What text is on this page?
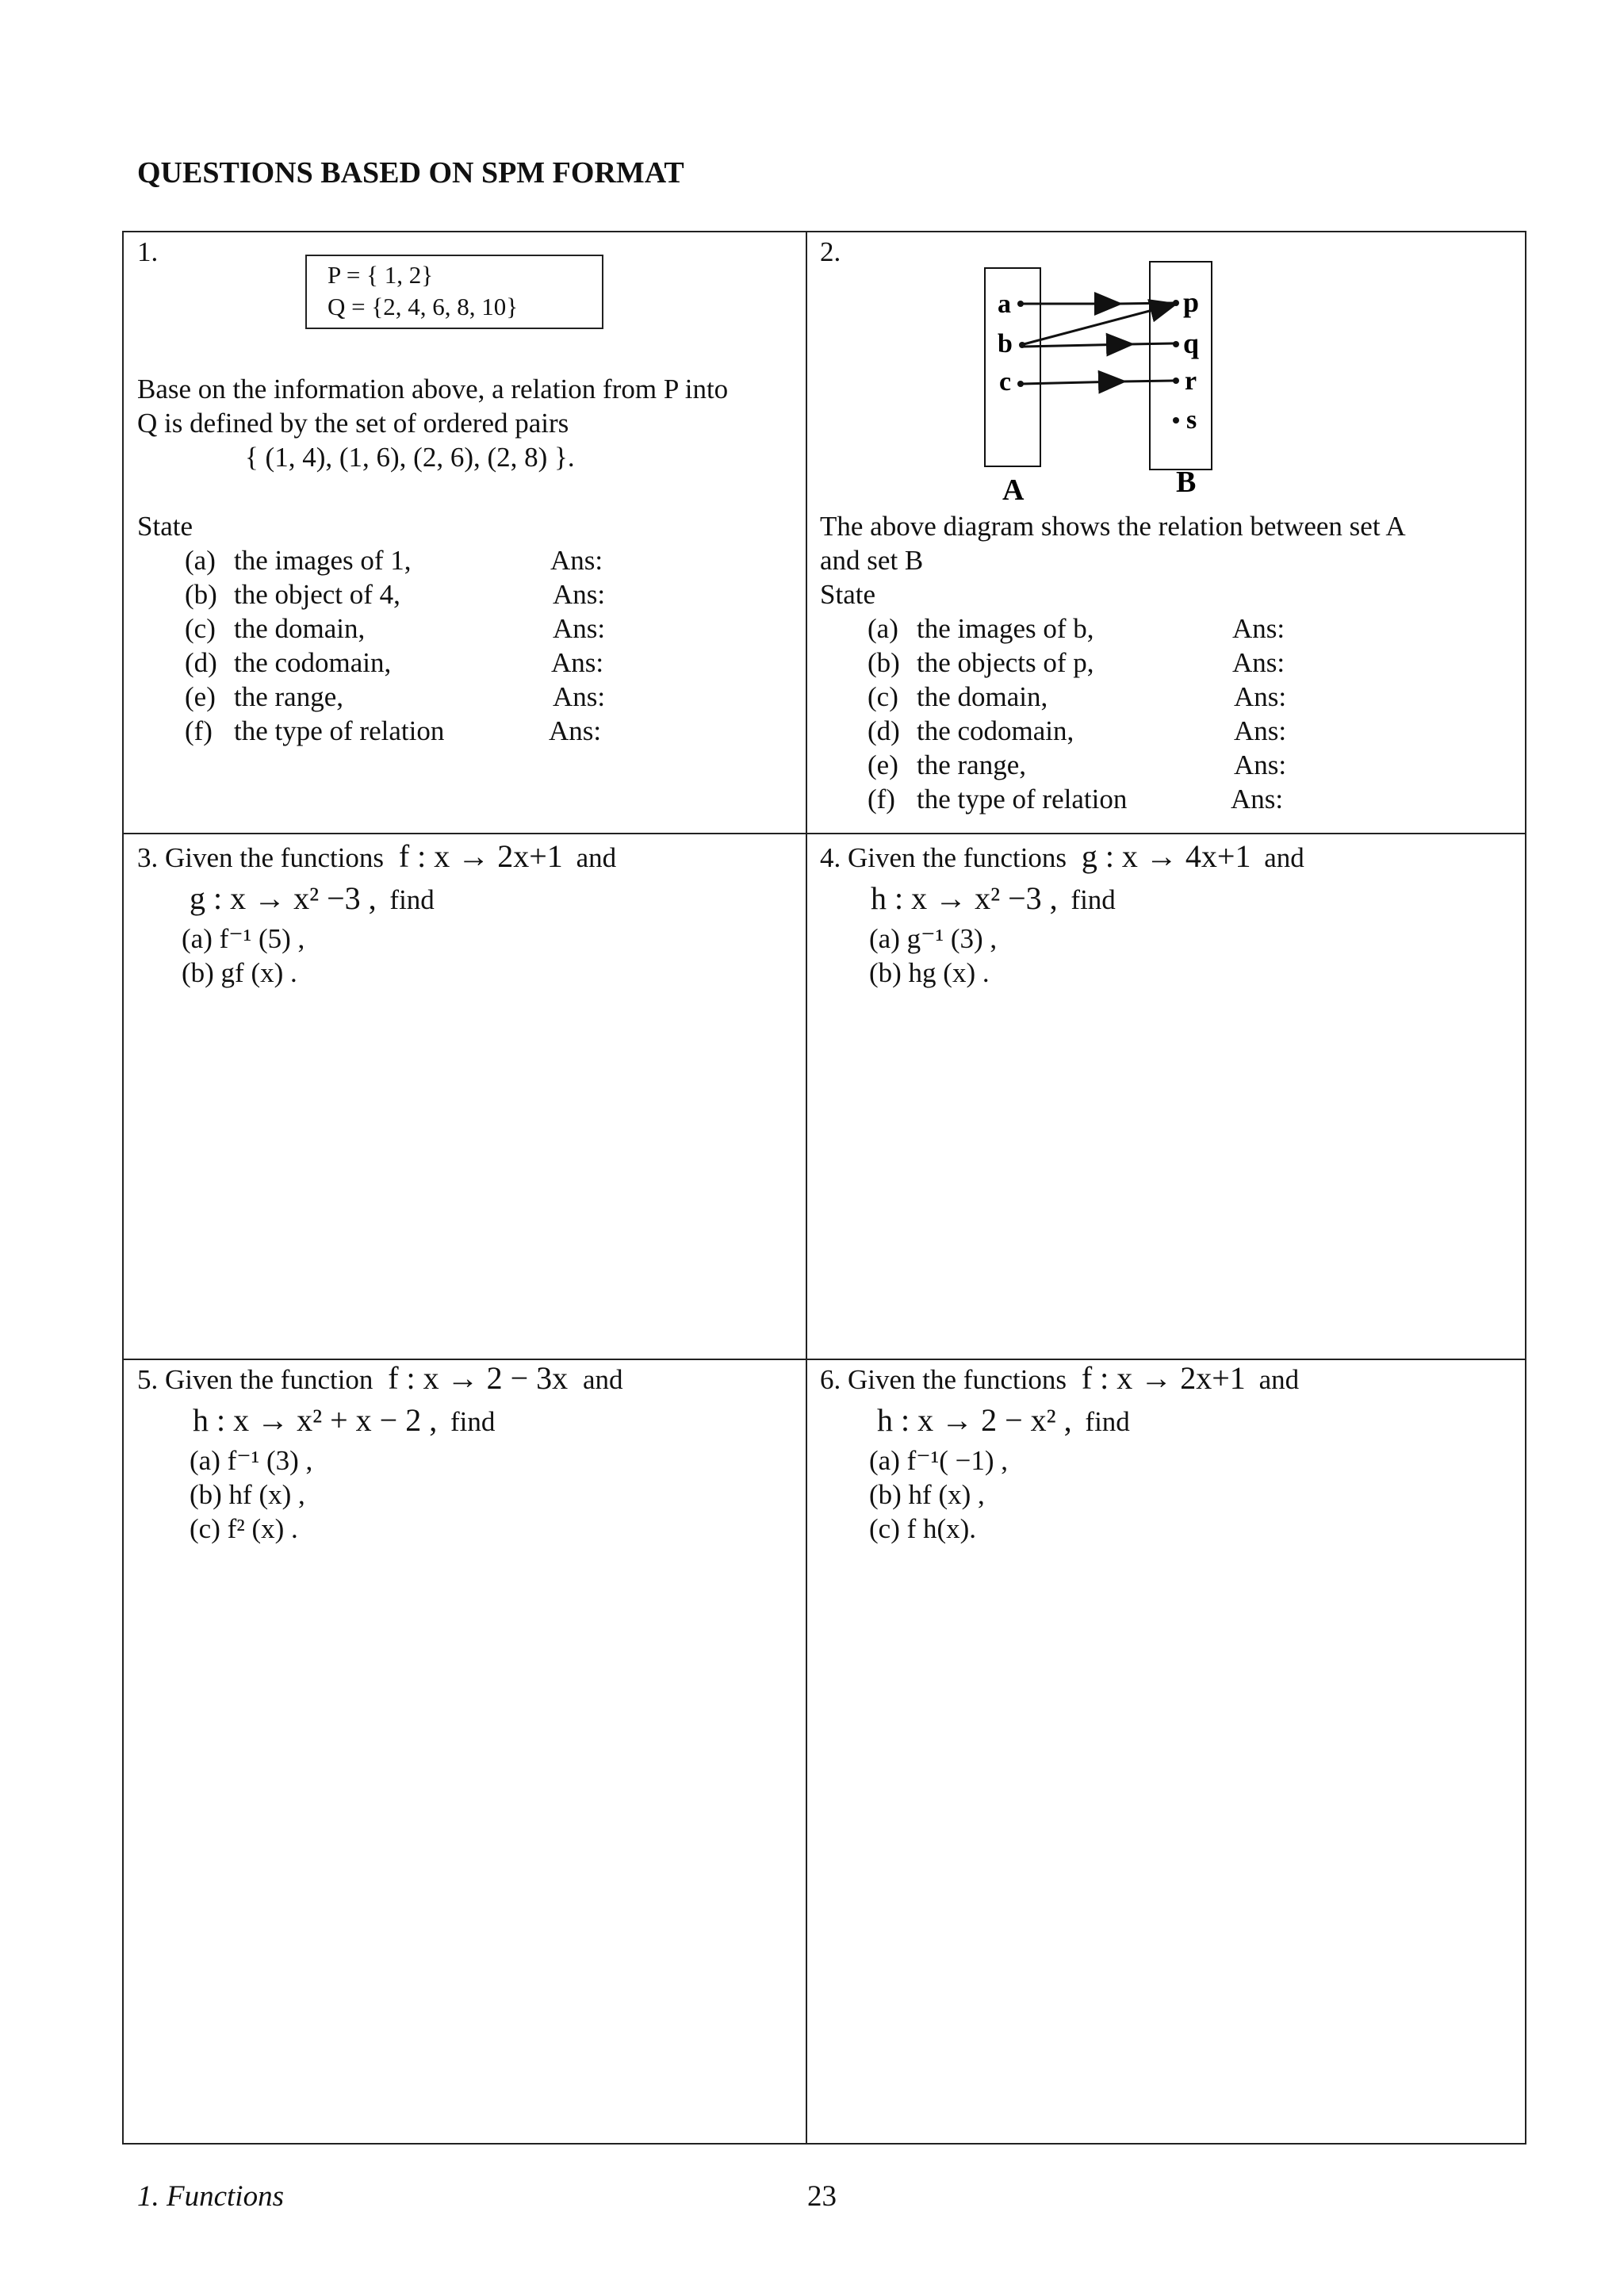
QUESTIONS BASED ON SPM FORMAT
1.
P = { 1, 2}
Q = {2, 4, 6, 8, 10}
Base on the information above, a relation from P into
Q is defined by the set of ordered pairs
{ (1, 4), (1, 6), (2, 6), (2, 8) }.
State
(a) the images of 1,	Ans:
(b) the object of 4,	Ans:
(c) the domain,	Ans:
(d) the codomain,	Ans:
(e) the range,	Ans:
(f) the type of relation	Ans:
2.
a
b
c
p
q
r
s
A	B
The above diagram shows the relation between set A
and set B
State
(a) the images of b,	Ans:
(b) the objects of p,	Ans:
(c) the domain,	Ans:
(d) the codomain,	Ans:
(e) the range,	Ans:
(f) the type of relation	Ans:
3. Given the functions f : x → 2x+1 and
g : x → x² −3 , find
(a) f⁻¹ (5) ,
(b) gf (x) .
4. Given the functions g : x → 4x+1 and
h : x → x² −3 , find
(a) g⁻¹ (3) ,
(b) hg (x) .
5. Given the function f : x → 2 − 3x and
h : x → x² + x − 2 , find
(a) f⁻¹ (3) ,
(b) hf (x) ,
(c) f² (x) .
6. Given the functions f : x → 2x+1 and
h : x → 2 − x² , find
(a) f⁻¹( −1) ,
(b) hf (x) ,
(c) f h(x).
1. Functions	23
